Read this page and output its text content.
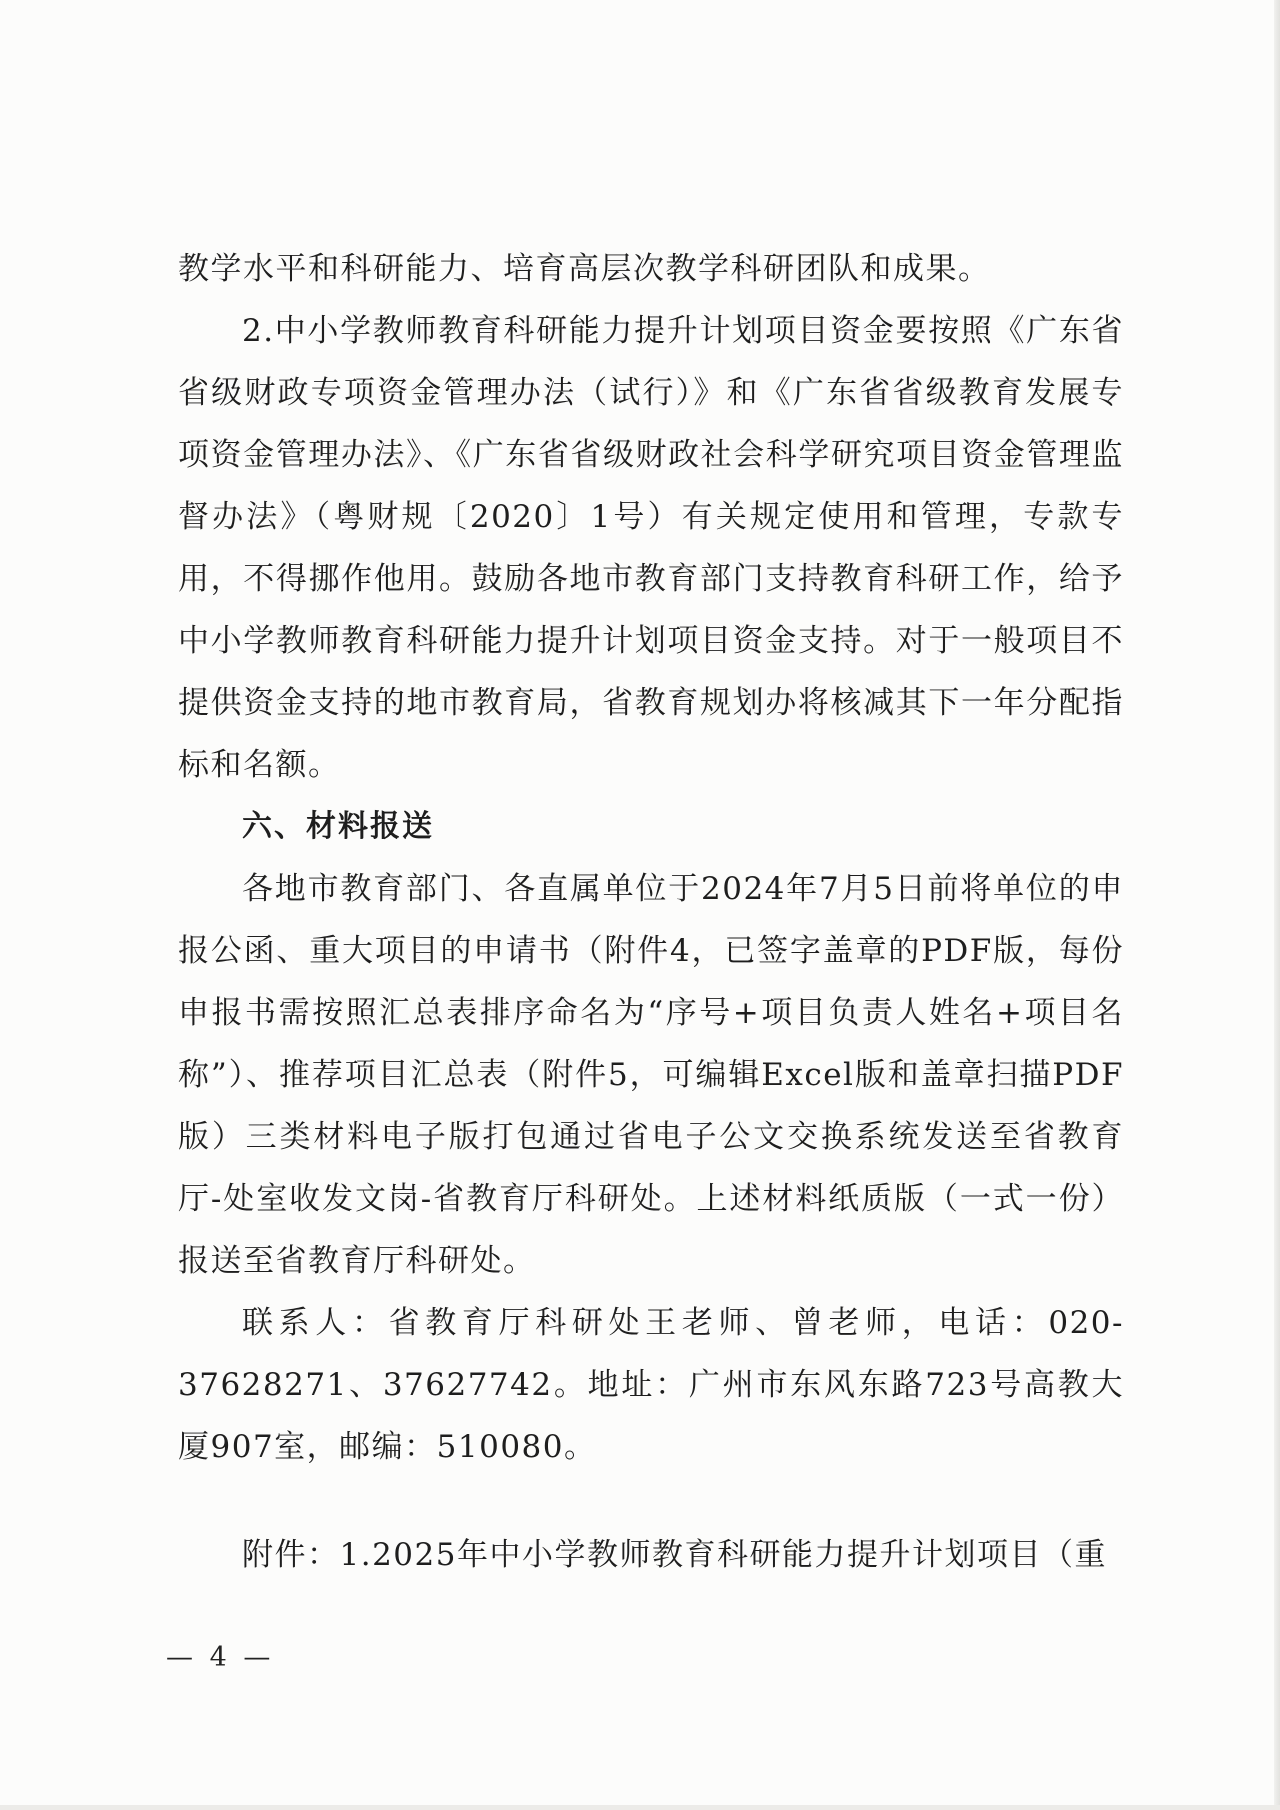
教学水平和科研能力、培育高层次教学科研团队和成果。

2.中小学教师教育科研能力提升计划项目资金要按照《广东省省级财政专项资金管理办法（试行）》和《广东省省级教育发展专项资金管理办法》、《广东省省级财政社会科学研究项目资金管理监督办法》（粤财规〔2020〕1号）有关规定使用和管理，专款专用，不得挪作他用。鼓励各地市教育部门支持教育科研工作，给予中小学教师教育科研能力提升计划项目资金支持。对于一般项目不提供资金支持的地市教育局，省教育规划办将核减其下一年分配指标和名额。

六、材料报送

各地市教育部门、各直属单位于2024年7月5日前将单位的申报公函、重大项目的申请书（附件4，已签字盖章的PDF版，每份申报书需按照汇总表排序命名为“序号+项目负责人姓名+项目名称”）、推荐项目汇总表（附件5，可编辑Excel版和盖章扫描PDF版）三类材料电子版打包通过省电子公文交换系统发送至省教育厅-处室收发文岗-省教育厅科研处。上述材料纸质版（一式一份）报送至省教育厅科研处。

联系人：省教育厅科研处王老师、曾老师，电话：020-37628271、37627742。地址：广州市东风东路723号高教大厦907室，邮编：510080。

附件：1.2025年中小学教师教育科研能力提升计划项目（重

— 4 —
